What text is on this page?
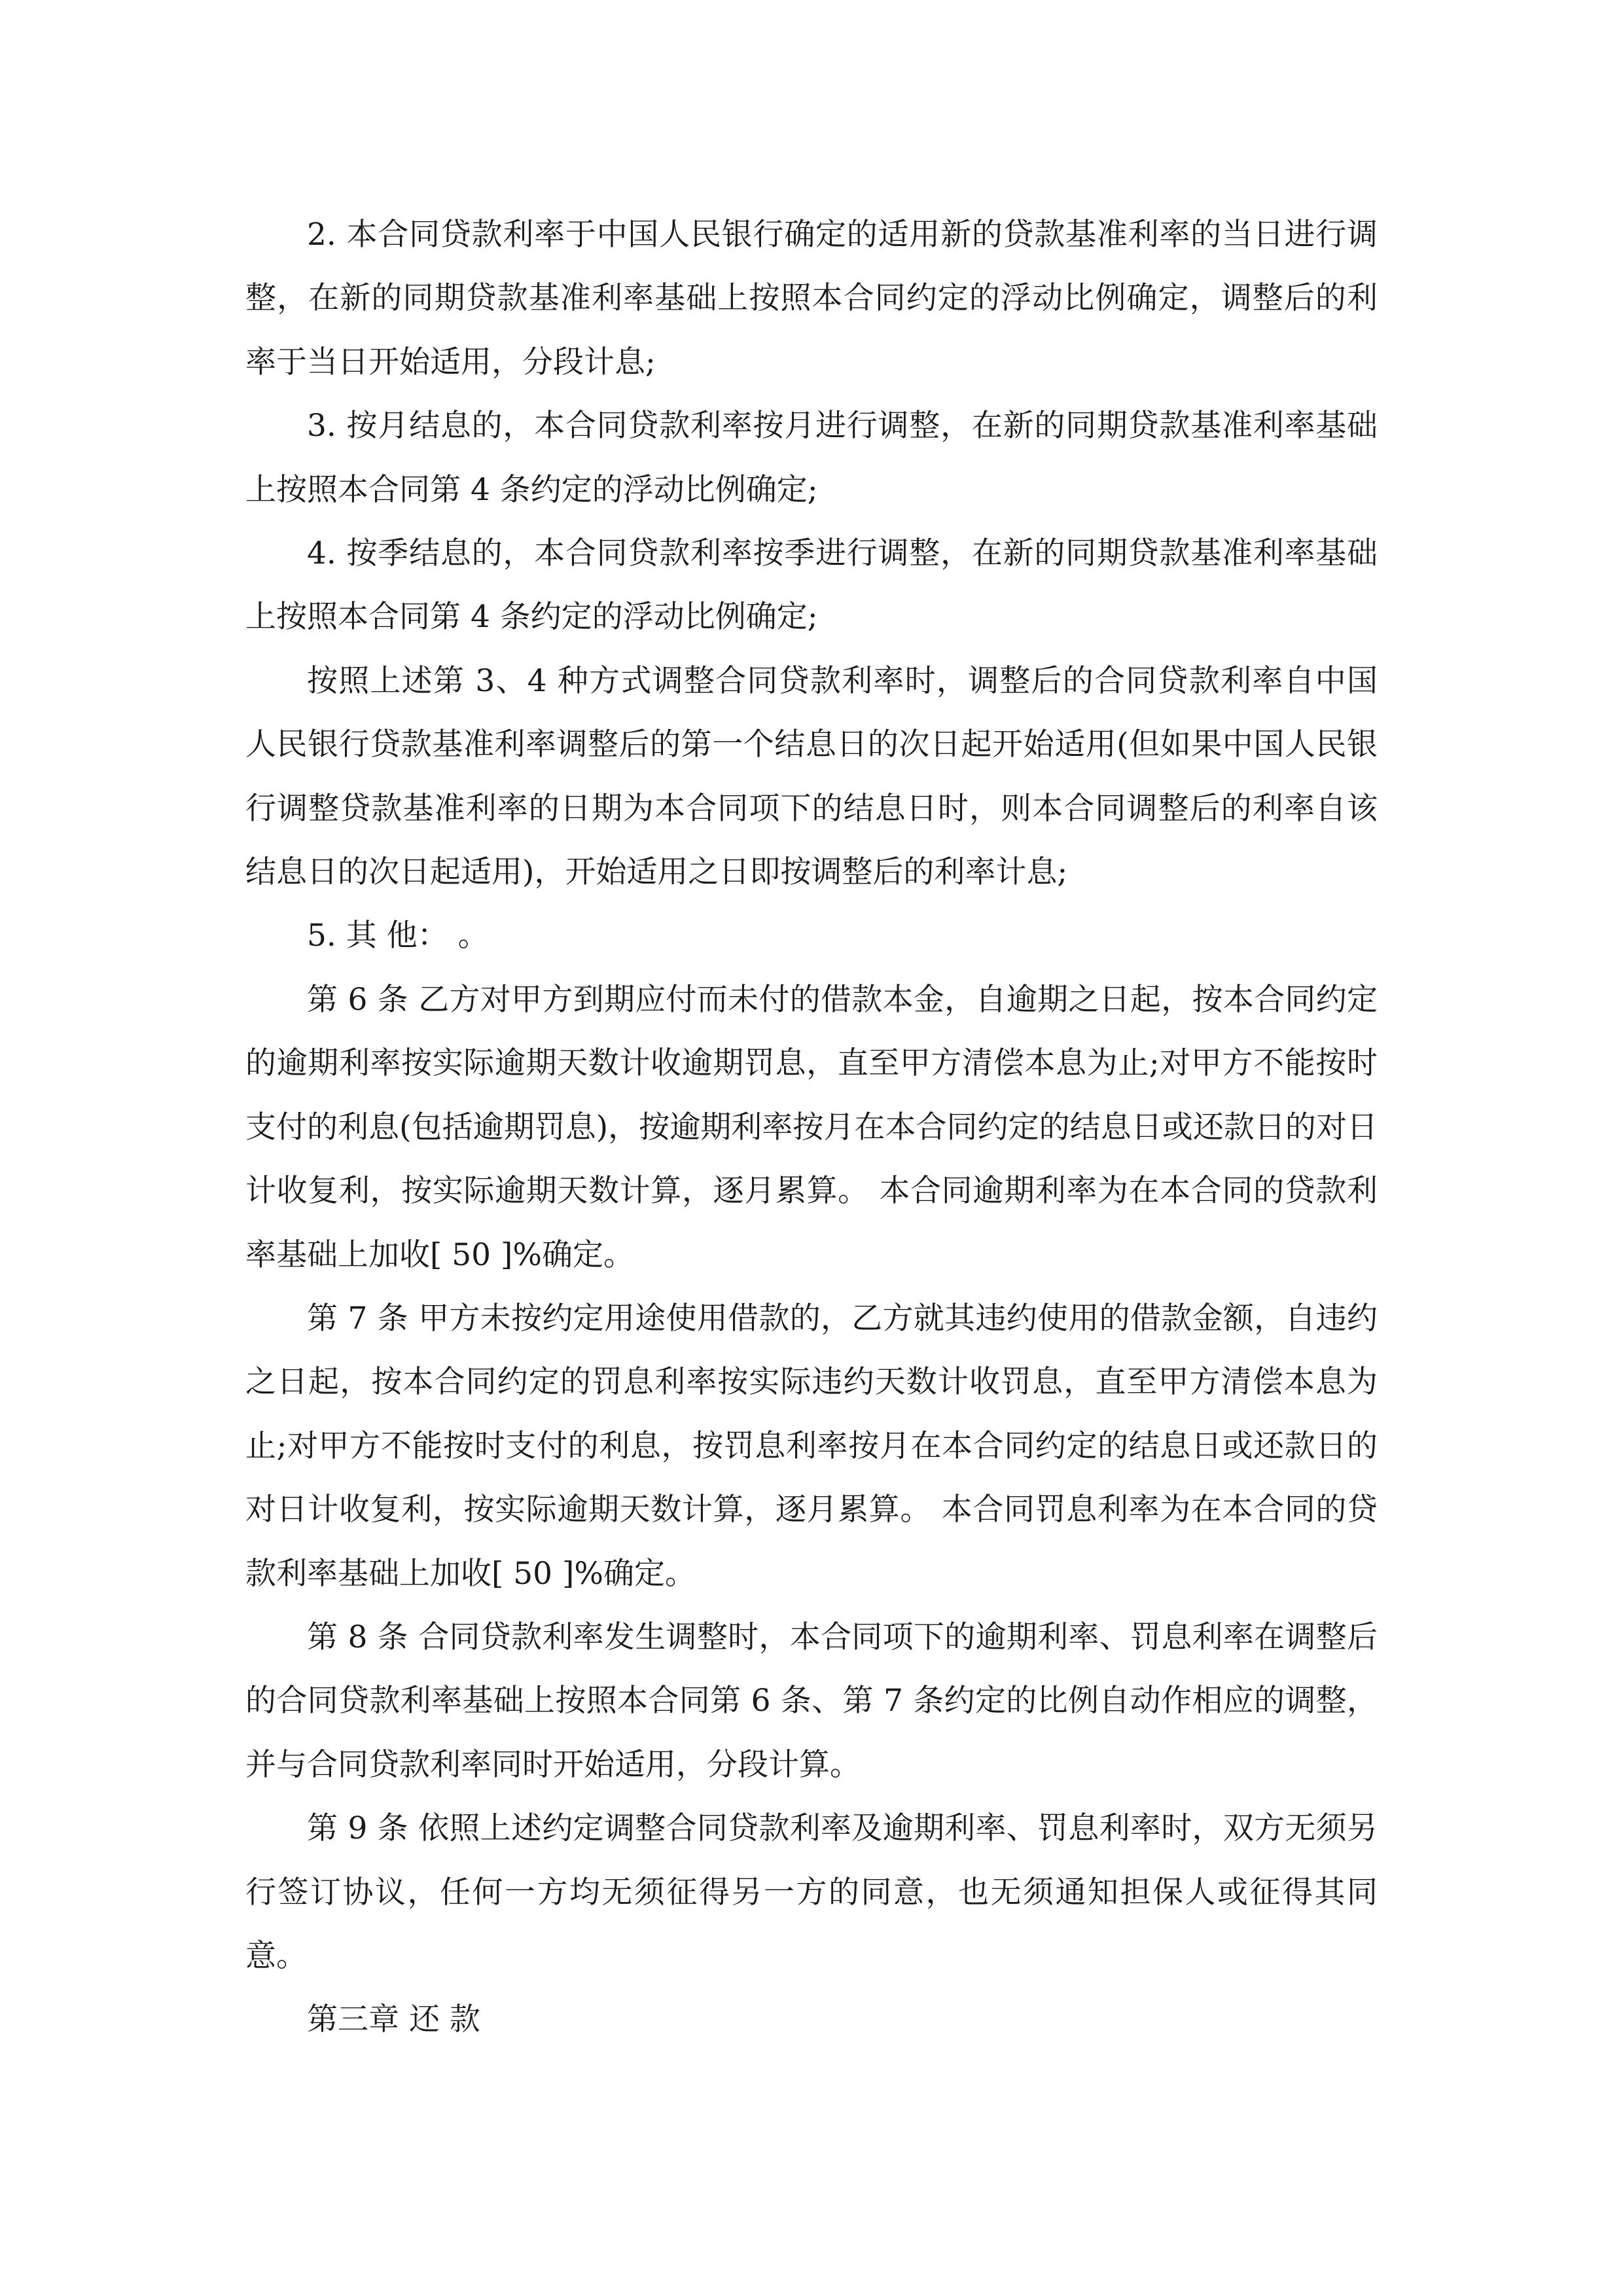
2. 本合同贷款利率于中国人民银行确定的适用新的贷款基准利率的当日进行调整，在新的同期贷款基准利率基础上按照本合同约定的浮动比例确定，调整后的利率于当日开始适用，分段计息;

3. 按月结息的，本合同贷款利率按月进行调整，在新的同期贷款基准利率基础上按照本合同第 4 条约定的浮动比例确定;

4. 按季结息的，本合同贷款利率按季进行调整，在新的同期贷款基准利率基础上按照本合同第 4 条约定的浮动比例确定;

按照上述第 3、4 种方式调整合同贷款利率时，调整后的合同贷款利率自中国人民银行贷款基准利率调整后的第一个结息日的次日起开始适用(但如果中国人民银行调整贷款基准利率的日期为本合同项下的结息日时，则本合同调整后的利率自该结息日的次日起适用)，开始适用之日即按调整后的利率计息;

5. 其 他： 。

第 6 条 乙方对甲方到期应付而未付的借款本金，自逾期之日起，按本合同约定的逾期利率按实际逾期天数计收逾期罚息，直至甲方清偿本息为止;对甲方不能按时支付的利息(包括逾期罚息)，按逾期利率按月在本合同约定的结息日或还款日的对日计收复利，按实际逾期天数计算，逐月累算。 本合同逾期利率为在本合同的贷款利率基础上加收[ 50 ]%确定。

第 7 条 甲方未按约定用途使用借款的，乙方就其违约使用的借款金额，自违约之日起，按本合同约定的罚息利率按实际违约天数计收罚息，直至甲方清偿本息为止;对甲方不能按时支付的利息，按罚息利率按月在本合同约定的结息日或还款日的对日计收复利，按实际逾期天数计算，逐月累算。 本合同罚息利率为在本合同的贷款利率基础上加收[ 50 ]%确定。

第 8 条 合同贷款利率发生调整时，本合同项下的逾期利率、罚息利率在调整后的合同贷款利率基础上按照本合同第 6 条、第 7 条约定的比例自动作相应的调整，并与合同贷款利率同时开始适用，分段计算。

第 9 条 依照上述约定调整合同贷款利率及逾期利率、罚息利率时，双方无须另行签订协议，任何一方均无须征得另一方的同意，也无须通知担保人或征得其同意。

第三章 还 款
